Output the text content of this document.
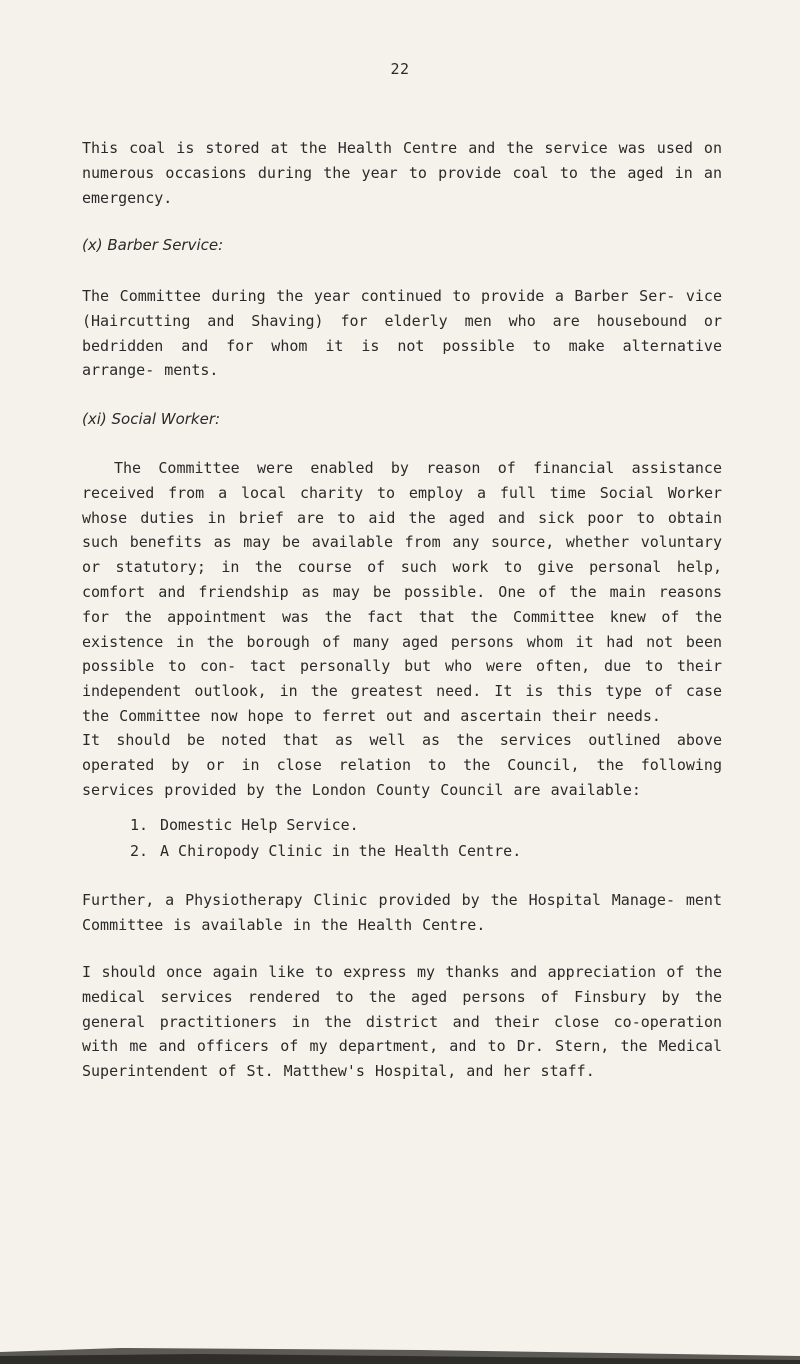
22
This coal is stored at the Health Centre and the service was used on numerous occasions during the year to provide coal to the aged in an emergency.
(x) Barber Service:
The Committee during the year continued to provide a Barber Ser- vice (Haircutting and Shaving) for elderly men who are housebound or bedridden and for whom it is not possible to make alternative arrange- ments.
(xi) Social Worker:
The Committee were enabled by reason of financial assistance received from a local charity to employ a full time Social Worker whose duties in brief are to aid the aged and sick poor to obtain such benefits as may be available from any source, whether voluntary or statutory; in the course of such work to give personal help, comfort and friendship as may be possible. One of the main reasons for the appointment was the fact that the Committee knew of the existence in the borough of many aged persons whom it had not been possible to con- tact personally but who were often, due to their independent outlook, in the greatest need. It is this type of case the Committee now hope to ferret out and ascertain their needs.
It should be noted that as well as the services outlined above operated by or in close relation to the Council, the following services provided by the London County Council are available:
1. Domestic Help Service.
2. A Chiropody Clinic in the Health Centre.
Further, a Physiotherapy Clinic provided by the Hospital Manage- ment Committee is available in the Health Centre.
I should once again like to express my thanks and appreciation of the medical services rendered to the aged persons of Finsbury by the general practitioners in the district and their close co-operation with me and officers of my department, and to Dr. Stern, the Medical Superintendent of St. Matthew's Hospital, and her staff.
